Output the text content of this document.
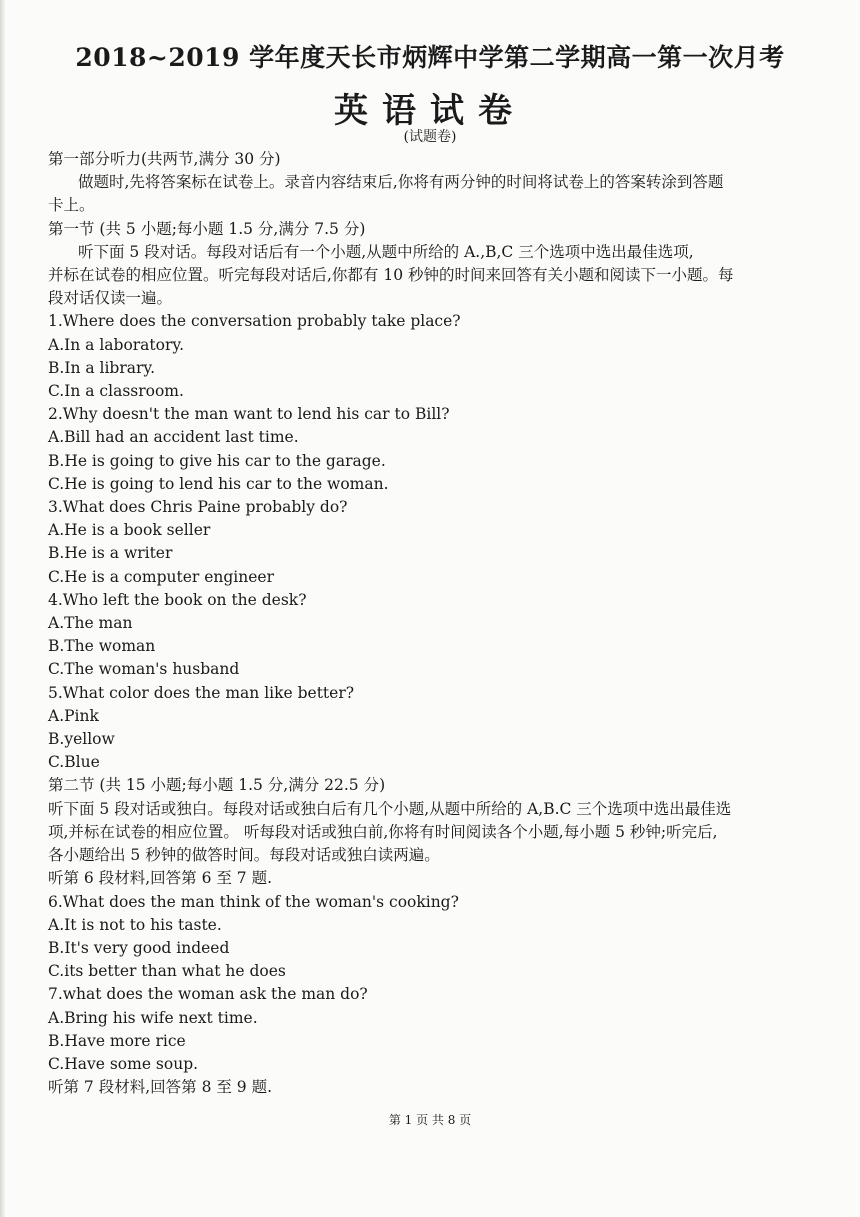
2018~2019 学年度天长市炳辉中学第二学期高一第一次月考
英语试卷
(试题卷)
第一部分听力(共两节,满分 30 分)
做题时,先将答案标在试卷上。录音内容结束后,你将有两分钟的时间将试卷上的答案转涂到答题
卡上。
第一节 (共 5 小题;每小题 1.5 分,满分 7.5 分)
听下面 5 段对话。每段对话后有一个小题,从题中所给的 A.,B,C 三个选项中选出最佳选项,
并标在试卷的相应位置。听完每段对话后,你都有 10 秒钟的时间来回答有关小题和阅读下一小题。每
段对话仅读一遍。
1.Where does the conversation probably take place?
A.In a laboratory.
B.In a library.
C.In a classroom.
2.Why doesn't the man want to lend his car to Bill?
A.Bill had an accident last time.
B.He is going to give his car to the garage.
C.He is going to lend his car to the woman.
3.What does Chris Paine probably do?
A.He is a book seller
B.He is a writer
C.He is a computer engineer
4.Who left the book on the desk?
A.The man
B.The woman
C.The woman's husband
5.What color does the man like better?
A.Pink
B.yellow
C.Blue
第二节 (共 15 小题;每小题 1.5 分,满分 22.5 分)
听下面 5 段对话或独白。每段对话或独白后有几个小题,从题中所给的 A,B.C 三个选项中选出最佳选
项,并标在试卷的相应位置。 听每段对话或独白前,你将有时间阅读各个小题,每小题 5 秒钟;听完后,
各小题给出 5 秒钟的做答时间。每段对话或独白读两遍。
听第 6 段材料,回答第 6 至 7 题.
6.What does the man think of the woman's cooking?
A.It is not to his taste.
B.It's very good indeed
C.its better than what he does
7.what does the woman ask the man do?
A.Bring his wife next time.
B.Have more rice
C.Have some soup.
听第 7 段材料,回答第 8 至 9 题.
第 1 页 共 8 页
